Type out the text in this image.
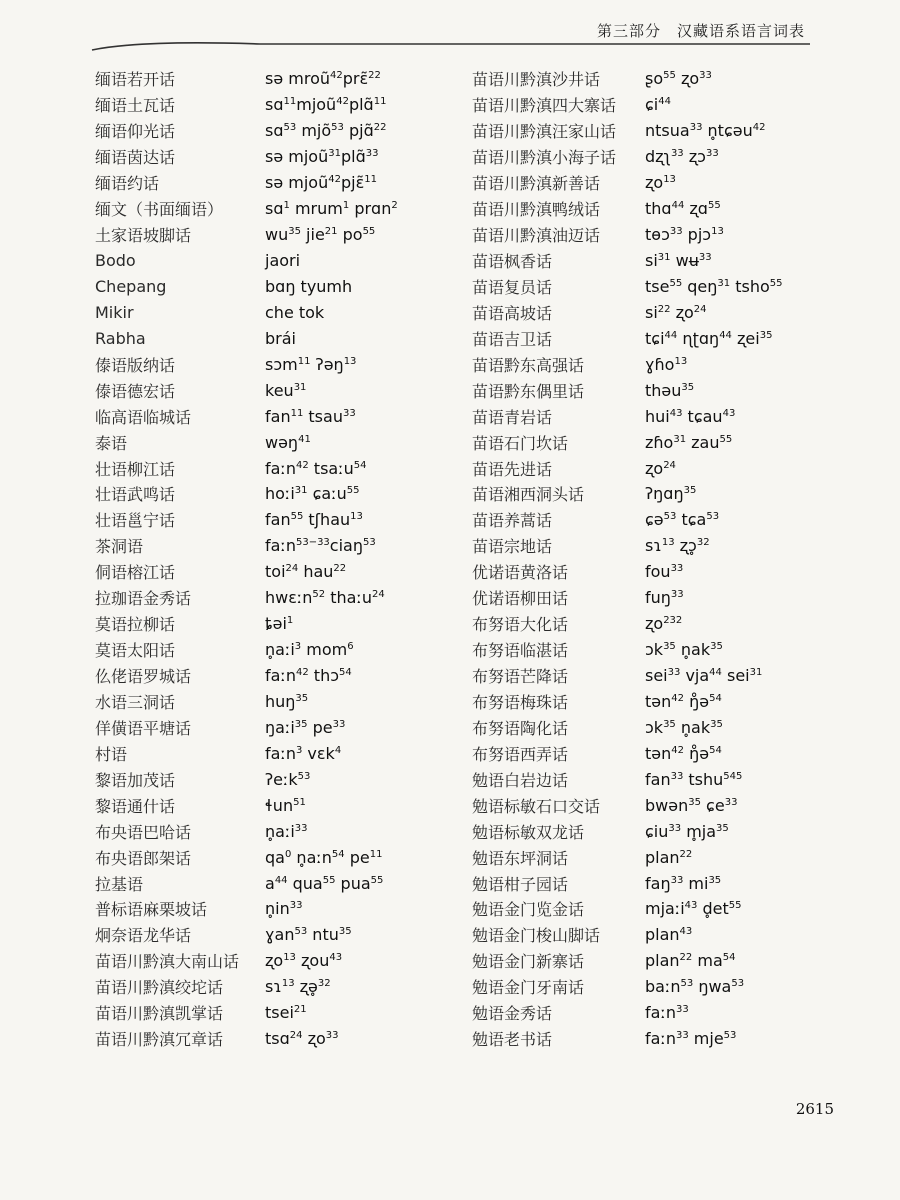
第三部分　汉藏语系语言词表
缅语若开话	sə mroũ$^{42}$prɛ̃$^{22}$
缅语土瓦话	sɑ$^{11}$mjoũ$^{42}$plɑ̃$^{11}$
缅语仰光话	sɑ$^{53}$ mjõ$^{53}$ pjɑ̃$^{22}$
缅语茵达话	sə mjoũ$^{31}$plɑ̃$^{33}$
缅语约话	sə mjoũ$^{42}$pjɛ̃$^{11}$
缅文（书面缅语）	sɑ$^1$ mrum$^1$ prɑn$^2$
土家语坡脚话	$wu^{35}$ jie$^{21}$ $po^{55}$
Bodo	jaori
Chepang	bɑŋ tyumh
Mikir	che tok
Rabha	brái
傣语版纳话	sɔm$^{11}$ ʔəŋ$^{13}$
傣语德宏话	keu$^{31}$
临高语临城话	fan$^{11}$ tsau$^{33}$
泰语	wəŋ$^{41}$
壮语柳江话	faːn$^{42}$ tsaːu$^{54}$
壮语武鸣话	hoːi$^{31}$ ɕaːu$^{55}$
壮语邕宁话	fan$^{55}$ tʃhau$^{13}$
茶洞语	faːn$^{53-33}$ciaŋ$^{53}$
侗语榕江话	toi$^{24}$ hau$^{22}$
拉珈语金秀话	hwɛːn$^{52}$ thaːu$^{24}$
莫语拉柳话	ȶəi$^1$
莫语太阳话	n̥aːi$^3$ mom$^6$
仫佬语罗城话	faːn$^{42}$ thɔ$^{54}$
水语三洞话	huŋ$^{35}$
佯僙语平塘话	ŋaːi$^{35}$ $pe^{33}$
村语	faːn$^3$ vɛk$^4$
黎语加茂话	ʔeːk$^{53}$
黎语通什话	ɬun$^{51}$
布央语巴哈话	n̥aːi$^{33}$
布央语郎架话	$qa^0$ n̥aːn$^{54}$ $pe^{11}$
拉基语	$a^{44}$ qua$^{55}$ pua$^{55}$
普标语麻栗坡话	$n̥in^{33}$
炯奈语龙华话	ɣan$^{53}$ ntu$^{35}$
苗语川黔滇大南山话	ʐo$^{13}$ ʐou$^{43}$
苗语川黔滇绞坨话	sɿ$^{13}$ ʐə̥$^{32}$
苗语川黔滇凯掌话	tsei$^{21}$
苗语川黔滇冗章话	tsɑ$^{24}$ ʐo$^{33}$
苗语川黔滇沙井话	ʂo$^{55}$ ʐo$^{33}$
苗语川黔滇四大寨话	ɕi$^{44}$
苗语川黔滇汪家山话	ntsua$^{33}$ n̥tɕəu$^{42}$
苗语川黔滇小海子话	dʐʅ$^{33}$ ʐɔ$^{33}$
苗语川黔滇新善话	ʐo$^{13}$
苗语川黔滇鸭绒话	thɑ$^{44}$ ʐɑ$^{55}$
苗语川黔滇油迈话	tɵɔ$^{33}$ pjɔ$^{13}$
苗语枫香话	$si^{31}$ wʉ$^{33}$
苗语复员话	tse$^{55}$ qeŋ$^{31}$ tsho$^{55}$
苗语高坡话	$si^{22}$ ʐo$^{24}$
苗语吉卫话	tɕi$^{44}$ ɳʈɑŋ$^{44}$ ʐei$^{35}$
苗语黔东高强话	ɣɦo$^{13}$
苗语黔东偶里话	thəu$^{35}$
苗语青岩话	hui$^{43}$ tɕau$^{43}$
苗语石门坎话	zɦo$^{31}$ zau$^{55}$
苗语先进话	ʐo$^{24}$
苗语湘西洞头话	ʔŋɑŋ$^{35}$
苗语养蒿话	ɕə$^{53}$ tɕa$^{53}$
苗语宗地话	sɿ$^{13}$ ʐɔ̥$^{32}$
优诺语黄洛话	fou$^{33}$
优诺语柳田话	fuŋ$^{33}$
布努语大化话	ʐo$^{232}$
布努语临湛话	ɔk$^{35}$ $n̥ak^{35}$
布努语芒降话	sei$^{33}$ vja$^{44}$ sei$^{31}$
布努语梅珠话	tən$^{42}$ ŋ̊ə$^{54}$
布努语陶化话	ɔk$^{35}$ $n̥ak^{35}$
布努语西弄话	tən$^{42}$ ŋ̊ə$^{54}$
勉语白岩边话	fan$^{33}$ tshu$^{545}$
勉语标敏石口交话	bwən$^{35}$ ɕe$^{33}$
勉语标敏双龙话	ɕiu$^{33}$ $m̥ja^{35}$
勉语东坪洞话	plan$^{22}$
勉语柑子园话	faŋ$^{33}$ $mi^{35}$
勉语金门览金话	mjaːi$^{43}$ $d̥et^{55}$
勉语金门梭山脚话	plan$^{43}$
勉语金门新寨话	plan$^{22}$ $ma^{54}$
勉语金门牙南话	baːn$^{53}$ ŋwa$^{53}$
勉语金秀话	faːn$^{33}$
勉语老书话	faːn$^{33}$ mje$^{53}$
2615
